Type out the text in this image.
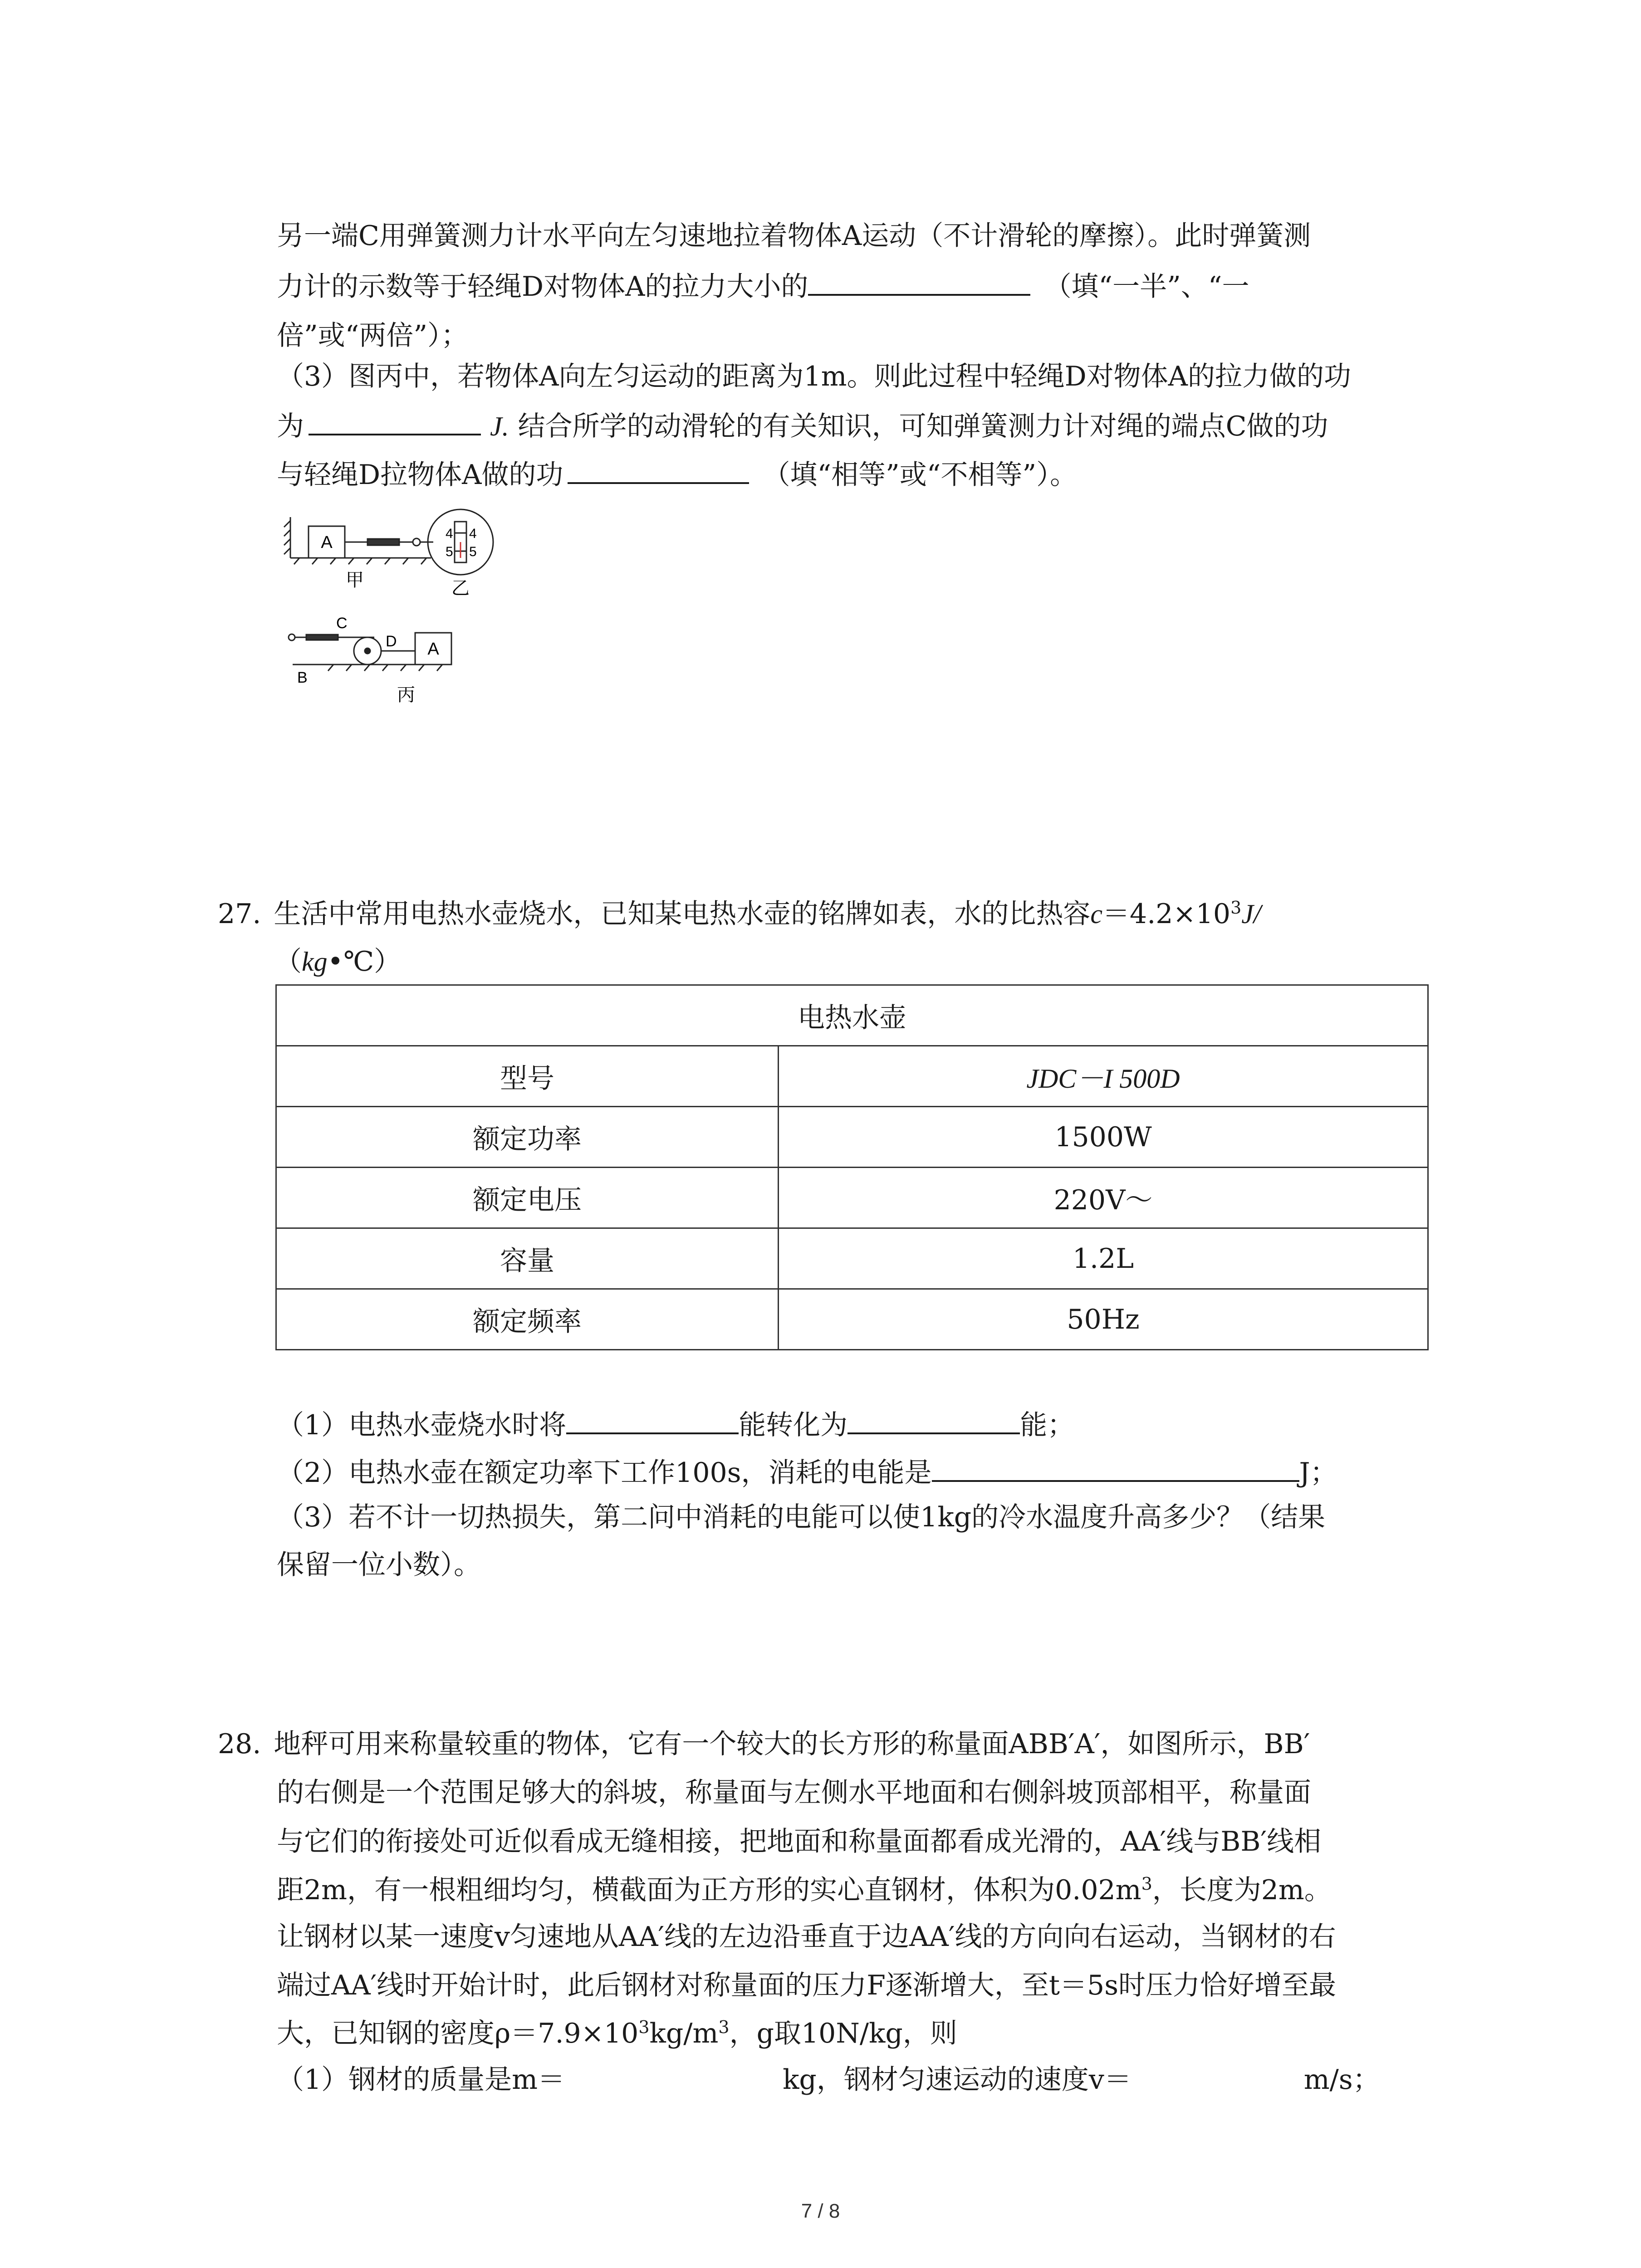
另一端C用弹簧测力计水平向左匀速地拉着物体A运动（不计滑轮的摩擦）。此时弹簧测
力计的示数等于轻绳D对物体A的拉力大小的	（填“一半”、“一
倍”或“两倍”）；
（3）图丙中，若物体A向左匀运动的距离为1m。则此过程中轻绳D对物体A的拉力做的功
为	J. 结合所学的动滑轮的有关知识，可知弹簧测力计对绳的端点C做的功
与轻绳D拉物体A做的功	（填“相等”或“不相等”）。
A	4
5
4
5
甲	乙
C
D
B
A
丙
27. 生活中常用电热水壶烧水，已知某电热水壶的铭牌如表，水的比热容$c=4.2\times 10^3J/$
（kg•℃）
电热水壶	
型号	JDC－I 500D
额定功率	1500W
额定电压	220V～
容量	1.2L
额定频率	50Hz
（1）电热水壶烧水时将	能转化为	能；
（2）电热水壶在额定功率下工作100s，消耗的电能是	J；
（3）若不计一切热损失，第二问中消耗的电能可以使1kg的冷水温度升高多少？（结果
保留一位小数）。
28. 地秤可用来称量较重的物体，它有一个较大的长方形的称量面ABB′A′，如图所示，BB′
的右侧是一个范围足够大的斜坡，称量面与左侧水平地面和右侧斜坡顶部相平，称量面
与它们的衔接处可近似看成无缝相接，把地面和称量面都看成光滑的，AA′线与BB′线相
距2m，有一根粗细均匀，横截面为正方形的实心直钢材，体积为$0.02m^3$，长度为2m。
让钢材以某一速度v匀速地从AA′线的左边沿垂直于边AA′线的方向向右运动，当钢材的右
端过AA′线时开始计时，此后钢材对称量面的压力F逐渐增大，至t＝5s时压力恰好增至最
大，已知钢的密度$\rho=7.9\times 10^3kg/m^3$，g取10N/kg，则
（1）钢材的质量是m＝	kg，钢材匀速运动的速度v＝	m/s；
7 / 8
